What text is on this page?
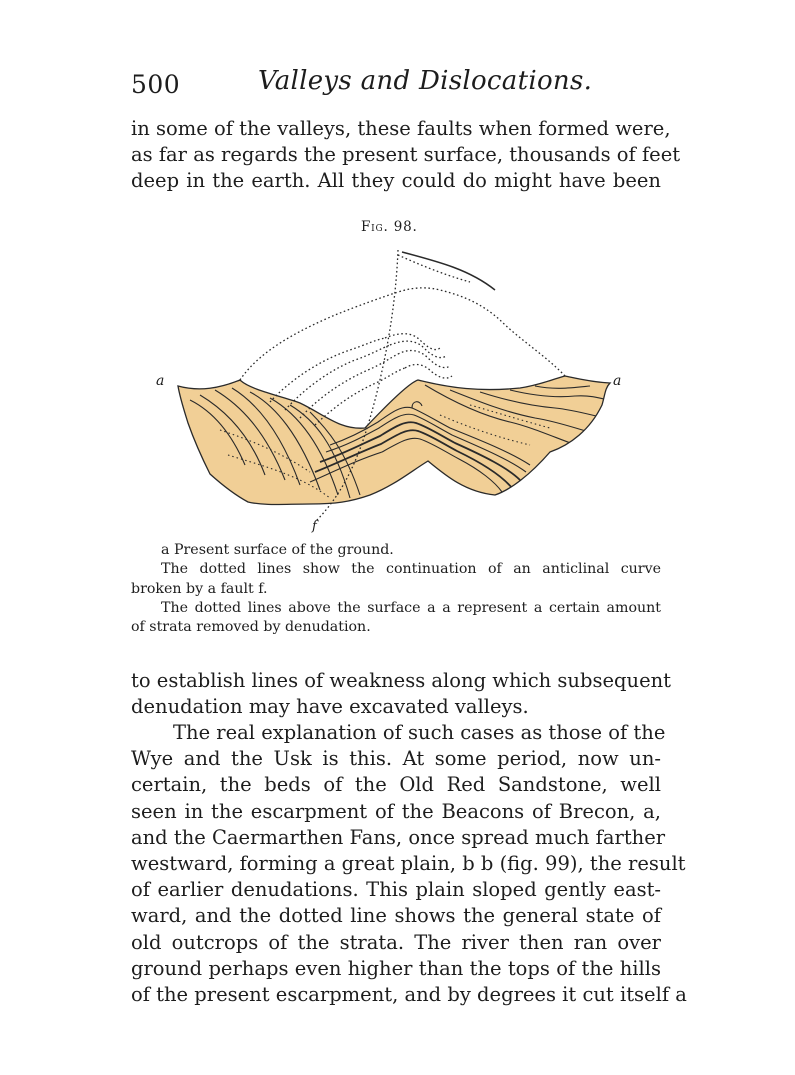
500	Valleys and Dislocations.

in some of the valleys, these faults when formed were,
as far as regards the present surface, thousands of feet
deep in the earth. All they could do might have been

Fig. 98.
a	a
f
a Present surface of the ground.
The dotted lines show the continuation of an anticlinal curve
broken by a fault f.
The dotted lines above the surface a a represent a certain amount
of strata removed by denudation.

to establish lines of weakness along which subsequent
denudation may have excavated valleys.

The real explanation of such cases as those of the
Wye and the Usk is this. At some period, now un-
certain, the beds of the Old Red Sandstone, well
seen in the escarpment of the Beacons of Brecon, a,
and the Caermarthen Fans, once spread much farther
westward, forming a great plain, b b (fig. 99), the result
of earlier denudations. This plain sloped gently east-
ward, and the dotted line shows the general state of
old outcrops of the strata. The river then ran over
ground perhaps even higher than the tops of the hills
of the present escarpment, and by degrees it cut itself a
